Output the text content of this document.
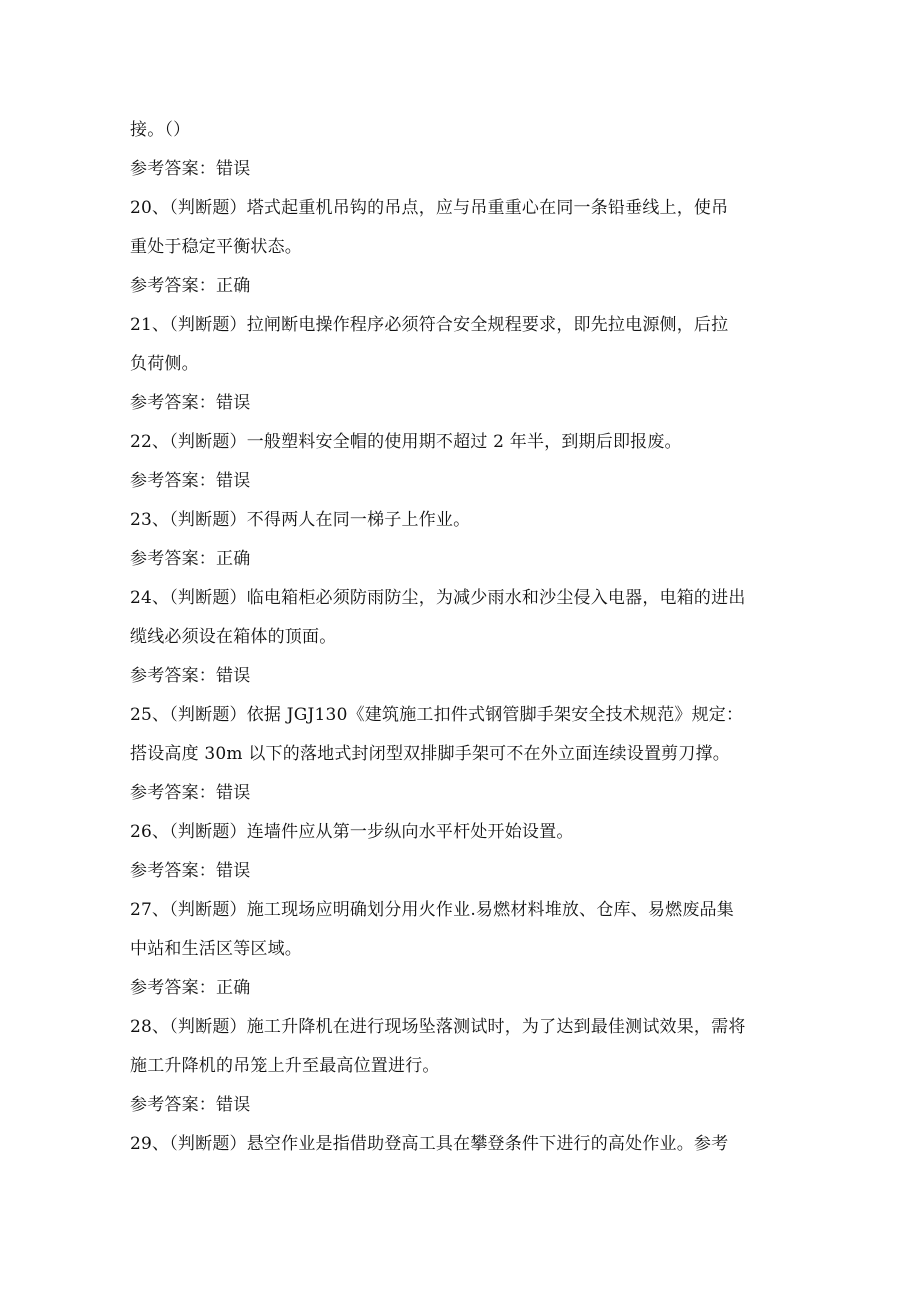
接。（）
参考答案：错误
20、（判断题）塔式起重机吊钩的吊点，应与吊重重心在同一条铅垂线上，使吊
重处于稳定平衡状态。
参考答案：正确
21、（判断题）拉闸断电操作程序必须符合安全规程要求，即先拉电源侧，后拉
负荷侧。
参考答案：错误
22、（判断题）一般塑料安全帽的使用期不超过 2 年半，到期后即报废。
参考答案：错误
23、（判断题）不得两人在同一梯子上作业。
参考答案：正确
24、（判断题）临电箱柜必须防雨防尘，为减少雨水和沙尘侵入电器，电箱的进出
缆线必须设在箱体的顶面。
参考答案：错误
25、（判断题）依据 JGJ130《建筑施工扣件式钢管脚手架安全技术规范》规定：
搭设高度 30m 以下的落地式封闭型双排脚手架可不在外立面连续设置剪刀撑。
参考答案：错误
26、（判断题）连墙件应从第一步纵向水平杆处开始设置。
参考答案：错误
27、（判断题）施工现场应明确划分用火作业.易燃材料堆放、仓库、易燃废品集
中站和生活区等区域。
参考答案：正确
28、（判断题）施工升降机在进行现场坠落测试时，为了达到最佳测试效果，需将
施工升降机的吊笼上升至最高位置进行。
参考答案：错误
29、（判断题）悬空作业是指借助登高工具在攀登条件下进行的高处作业。参考
